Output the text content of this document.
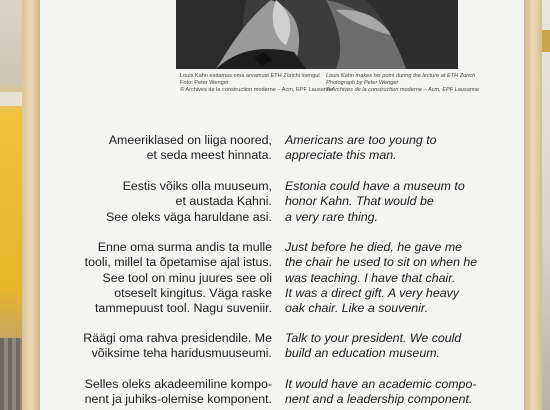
Louis Kahn esitamas oma arvamust ETH Zürichi loengul
Foto: Peter Wenger
© Archives de la construction moderne – Acm, EPF Lausanne
Louis Kahn makes his point during the lecture at ETH Zurich
Photograph by Peter Wenger
© Archives de la construction moderne – Acm, EPF Lausanne
Ameeriklased on liiga noored,
et seda meest hinnata.
Americans are too young to
appreciate this man.
Eestis võiks olla muuseum,
et austada Kahni.
See oleks väga haruldane asi.
Estonia could have a museum to
honor Kahn. That would be
a very rare thing.
Enne oma surma andis ta mulle
tooli, millel ta õpetamise ajal istus.
See tool on minu juures see oli
otseselt kingitus. Väga raske
tammepuust tool. Nagu suveniir.
Just before he died, he gave me
the chair he used to sit on when he
was teaching. I have that chair.
It was a direct gift. A very heavy
oak chair. Like a souvenir.
Räägi oma rahva presidendile. Me
võiksime teha haridusmuuseumi.
Talk to your president. We could
build an education museum.
Selles oleks akadeemiline kompo-
nent ja juhiks-olemise komponent.
It would have an academic compo-
nent and a leadership component.
